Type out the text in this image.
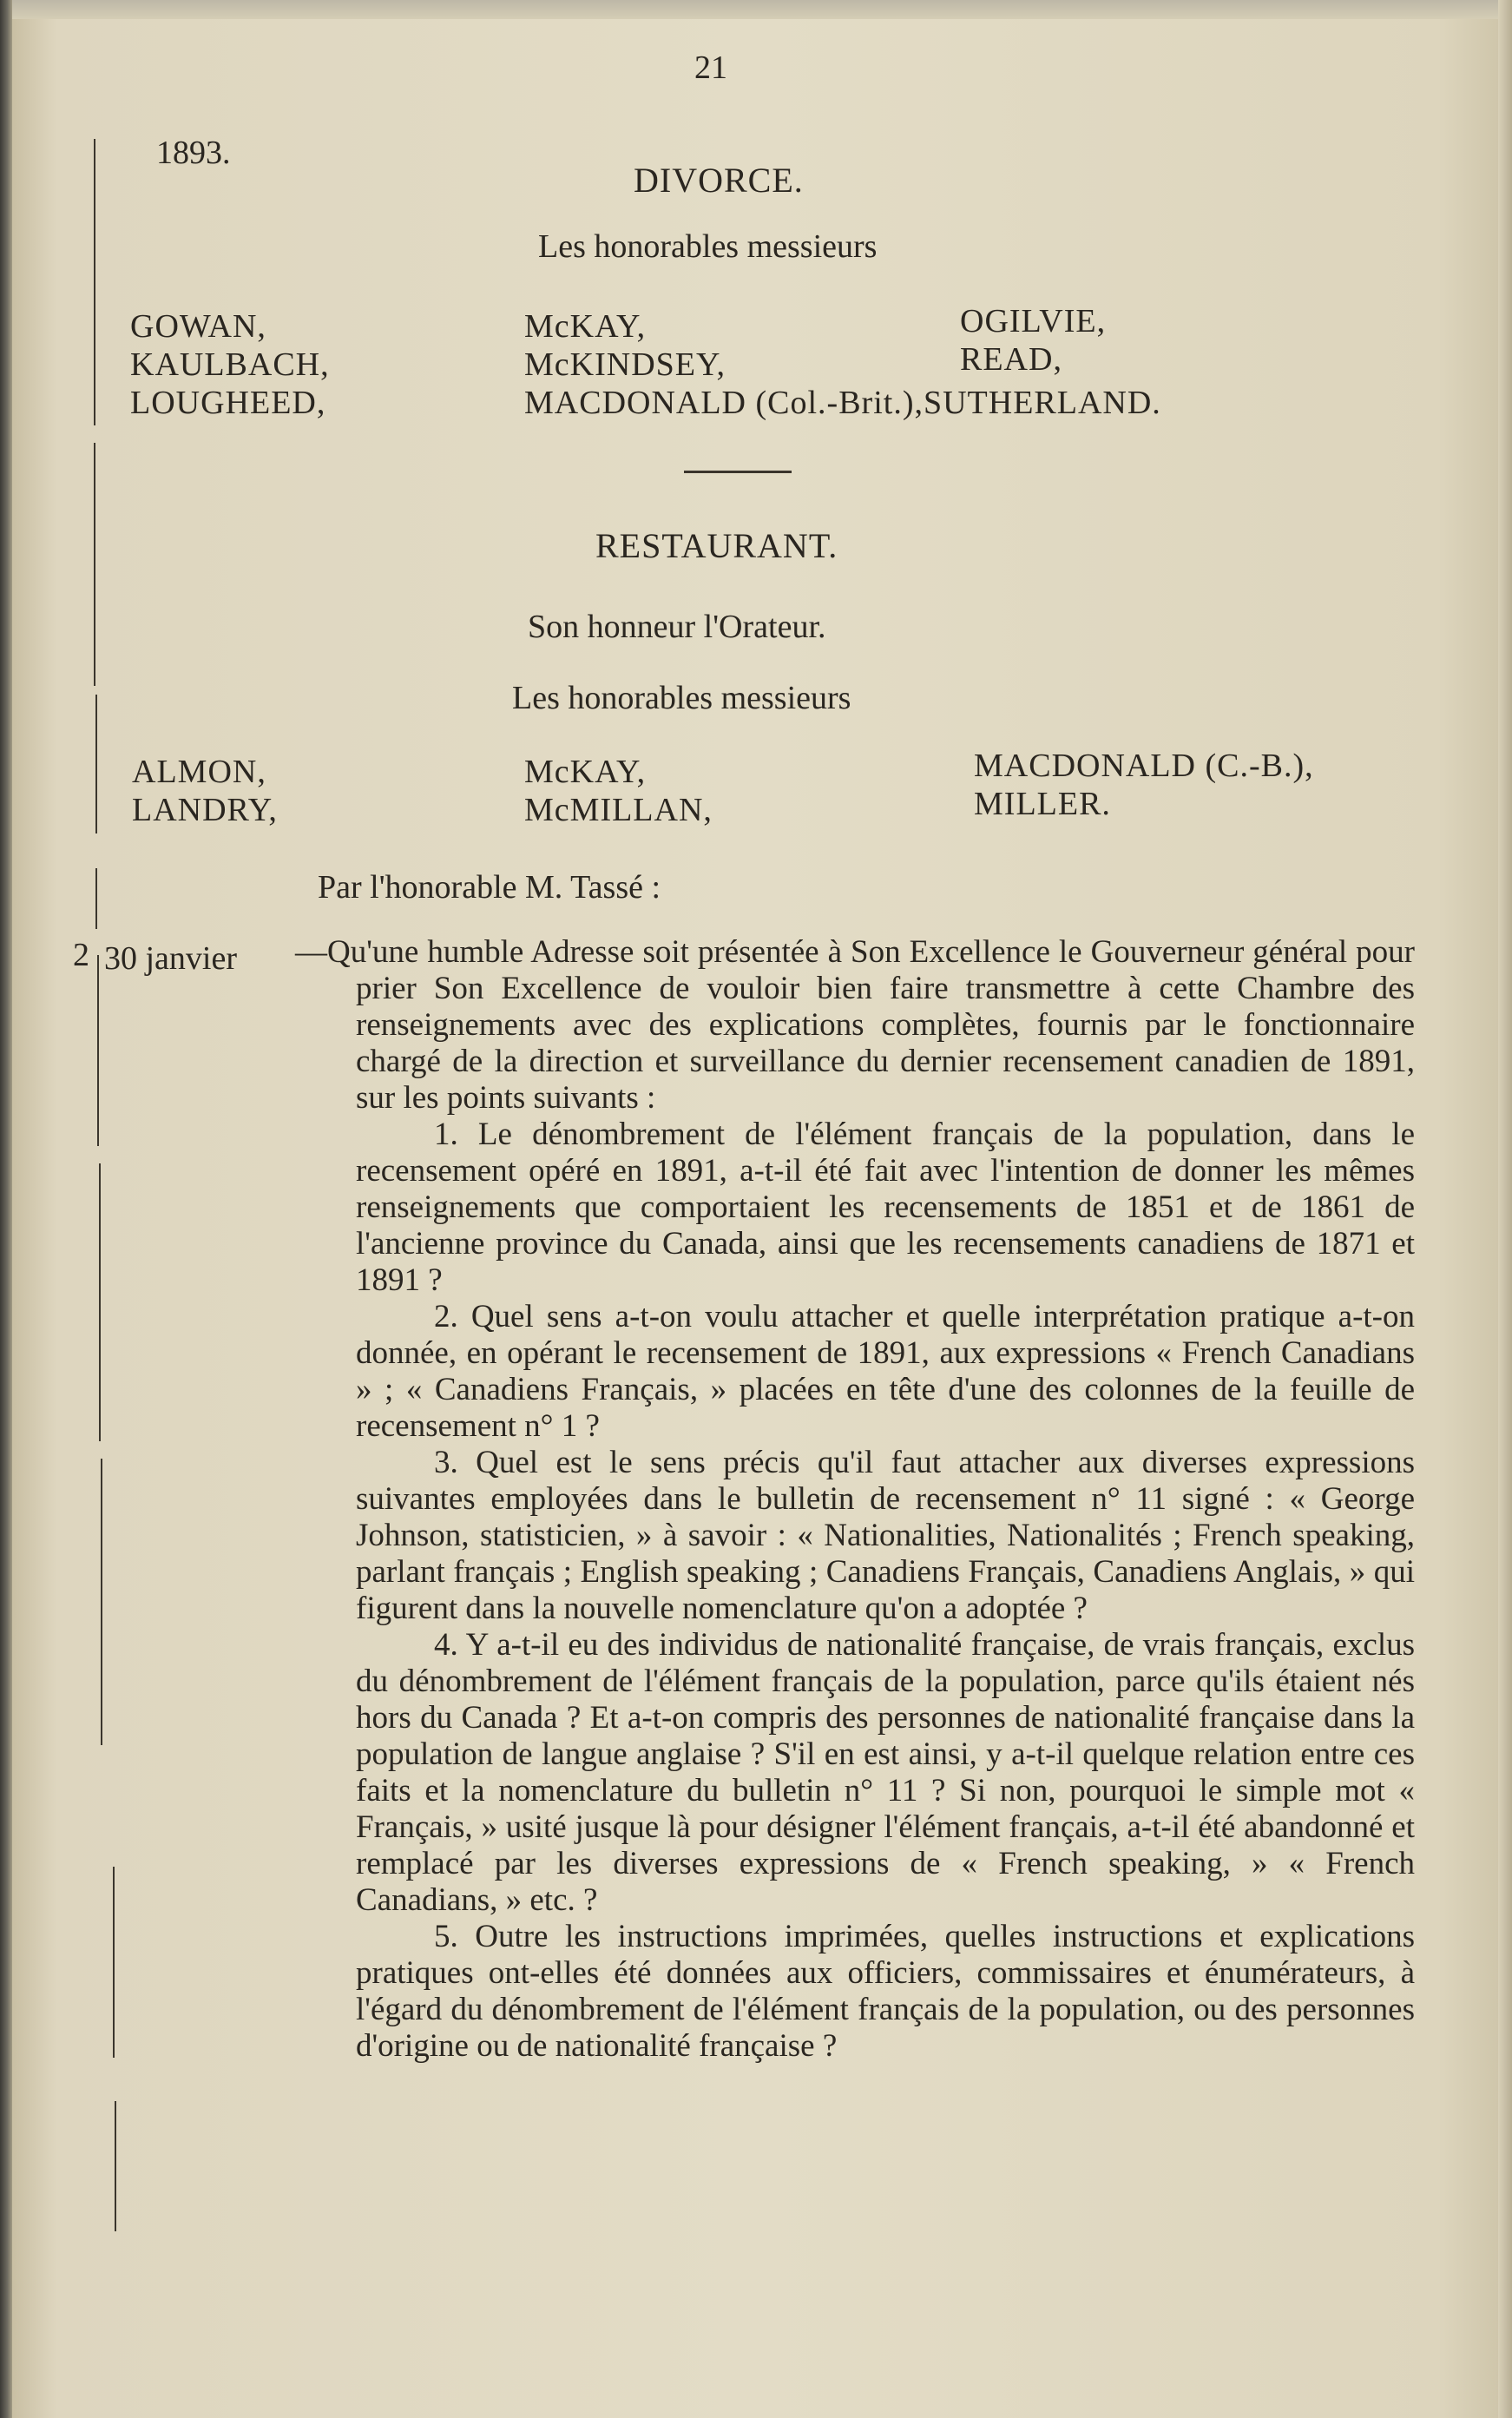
21
1893.
DIVORCE.
Les honorables messieurs
GOWAN,
KAULBACH,
LOUGHEED,
McKAY,
McKINDSEY,
MACDONALD (Col.-Brit.),SUTHERLAND.
OGILVIE,
READ,
RESTAURANT.
Son honneur l'Orateur.
Les honorables messieurs
ALMON,
LANDRY,
McKAY,
McMILLAN,
MACDONALD (C.-B.),
MILLER.
Par l'honorable M. Tassé :
2 30 janvier —Qu'une humble Adresse soit présentée à Son Excellence le Gouverneur général pour prier Son Excellence de vouloir bien faire transmettre à cette Chambre des renseignements avec des explications complètes, fournis par le fonctionnaire chargé de la direction et surveillance du dernier recensement canadien de 1891, sur les points suivants :

1. Le dénombrement de l'élément français de la population, dans le recensement opéré en 1891, a-t-il été fait avec l'intention de donner les mêmes renseignements que comportaient les recensements de 1851 et de 1861 de l'ancienne province du Canada, ainsi que les recensements canadiens de 1871 et 1891 ?

2. Quel sens a-t-on voulu attacher et quelle interprétation pratique a-t-on donnée, en opérant le recensement de 1891, aux expressions « French Canadians » ; « Canadiens Français, » placées en tête d'une des colonnes de la feuille de recensement n° 1 ?

3. Quel est le sens précis qu'il faut attacher aux diverses expressions suivantes employées dans le bulletin de recensement n° 11 signé : « George Johnson, statisticien, » à savoir : « Nationalities, Nationalités ; French speaking, parlant français ; English speaking ; Canadiens Français, Canadiens Anglais, » qui figurent dans la nouvelle nomenclature qu'on a adoptée ?

4. Y a-t-il eu des individus de nationalité française, de vrais français, exclus du dénombrement de l'élément français de la population, parce qu'ils étaient nés hors du Canada ? Et a-t-on compris des personnes de nationalité française dans la population de langue anglaise ? S'il en est ainsi, y a-t-il quelque relation entre ces faits et la nomenclature du bulletin n° 11 ? Si non, pourquoi le simple mot « Français, » usité jusque là pour désigner l'élément français, a-t-il été abandonné et remplacé par les diverses expressions de « French speaking, » « French Canadians, » etc. ?

5. Outre les instructions imprimées, quelles instructions et explications pratiques ont-elles été données aux officiers, commissaires et énumérateurs, à l'égard du dénombrement de l'élément français de la population, ou des personnes d'origine ou de nationalité française ?
